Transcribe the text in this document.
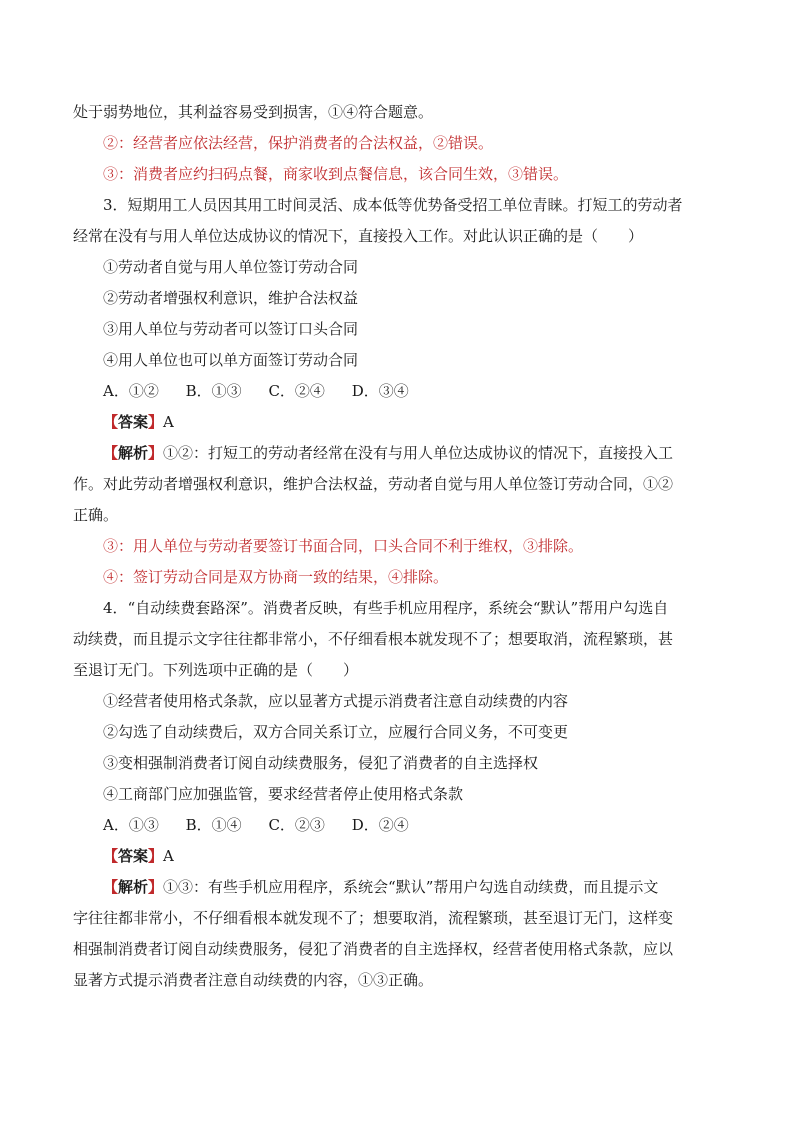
处于弱势地位，其利益容易受到损害，①④符合题意。
②：经营者应依法经营，保护消费者的合法权益，②错误。
③：消费者应约扫码点餐，商家收到点餐信息，该合同生效，③错误。
3．短期用工人员因其用工时间灵活、成本低等优势备受招工单位青睐。打短工的劳动者
经常在没有与用人单位达成协议的情况下，直接投入工作。对此认识正确的是（　　）
①劳动者自觉与用人单位签订劳动合同
②劳动者增强权利意识，维护合法权益
③用人单位与劳动者可以签订口头合同
④用人单位也可以单方面签订劳动合同
A．①② B．①③ C．②④ D．③④
【答案】A
【解析】①②：打短工的劳动者经常在没有与用人单位达成协议的情况下，直接投入工
作。对此劳动者增强权利意识，维护合法权益，劳动者自觉与用人单位签订劳动合同，①②
正确。
③：用人单位与劳动者要签订书面合同，口头合同不利于维权，③排除。
④：签订劳动合同是双方协商一致的结果，④排除。
4．“自动续费套路深”。消费者反映，有些手机应用程序，系统会“默认”帮用户勾选自
动续费，而且提示文字往往都非常小，不仔细看根本就发现不了；想要取消，流程繁琐，甚
至退订无门。下列选项中正确的是（　　）
①经营者使用格式条款，应以显著方式提示消费者注意自动续费的内容
②勾选了自动续费后，双方合同关系订立，应履行合同义务，不可变更
③变相强制消费者订阅自动续费服务，侵犯了消费者的自主选择权
④工商部门应加强监管，要求经营者停止使用格式条款
A．①③ B．①④ C．②③ D．②④
【答案】A
【解析】①③：有些手机应用程序，系统会“默认”帮用户勾选自动续费，而且提示文
字往往都非常小，不仔细看根本就发现不了；想要取消，流程繁琐，甚至退订无门，这样变
相强制消费者订阅自动续费服务，侵犯了消费者的自主选择权，经营者使用格式条款，应以
显著方式提示消费者注意自动续费的内容，①③正确。
